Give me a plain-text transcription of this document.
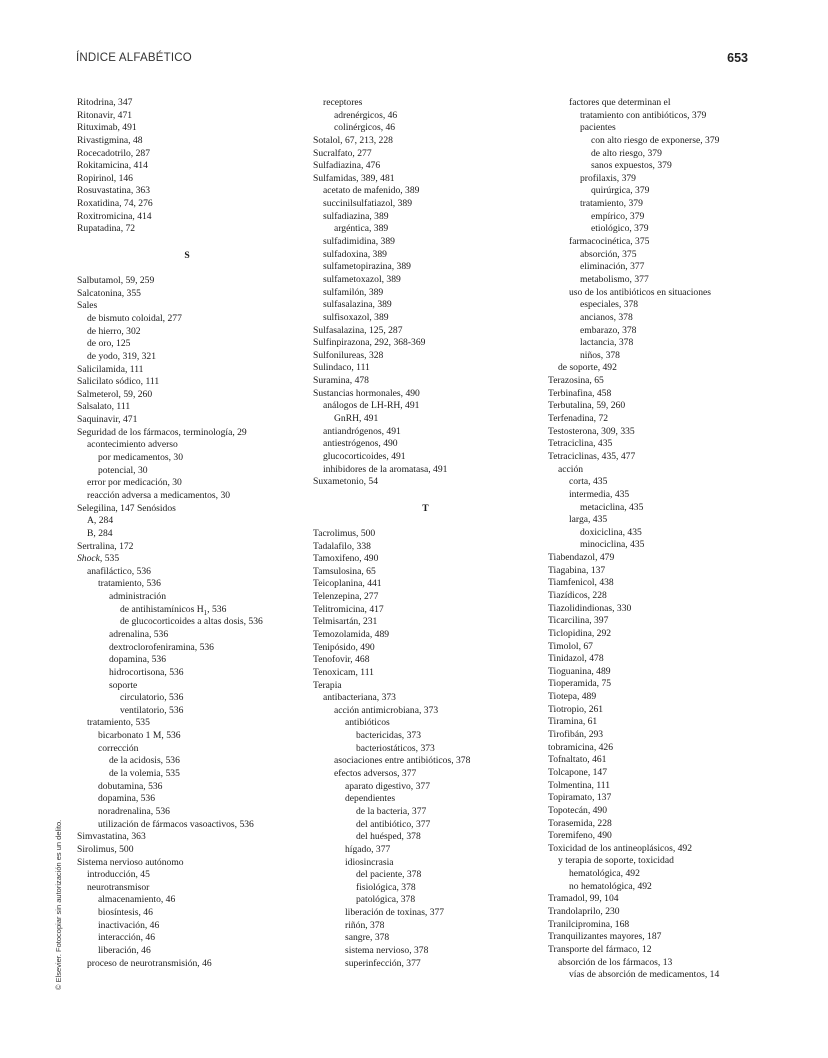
ÍNDICE ALFABÉTICO	653
© Elsevier. Fotocopiar sin autorización es un delito.
Ritodrina, 347
Ritonavir, 471
Rituximab, 491
Rivastigmina, 48
Rocecadotrilo, 287
Rokitamicina, 414
Ropirinol, 146
Rosuvastatina, 363
Roxatidina, 74, 276
Roxitromicina, 414
Rupatadina, 72
S
Salbutamol, 59, 259
Salcatonina, 355
Sales
de bismuto coloidal, 277
de hierro, 302
de oro, 125
de yodo, 319, 321
Salicilamida, 111
Salicilato sódico, 111
Salmeterol, 59, 260
Salsalato, 111
Saquinavir, 471
Seguridad de los fármacos, terminología, 29
acontecimiento adverso
por medicamentos, 30
potencial, 30
error por medicación, 30
reacción adversa a medicamentos, 30
Selegilina, 147 Senósidos
A, 284
B, 284
Sertralina, 172
Shock, 535
anafiláctico, 536
tratamiento, 536
administración
de antihistamínicos $H_1$, 536
de glucocorticoides a altas dosis, 536
adrenalina, 536
dextroclorofeniramina, 536
dopamina, 536
hidrocortisona, 536
soporte
circulatorio, 536
ventilatorio, 536
tratamiento, 535
bicarbonato 1 M, 536
corrección
de la acidosis, 536
de la volemia, 535
dobutamina, 536
dopamina, 536
noradrenalina, 536
utilización de fármacos vasoactivos, 536
Simvastatina, 363
Sirolimus, 500
Sistema nervioso autónomo
introducción, 45
neurotransmisor
almacenamiento, 46
biosíntesis, 46
inactivación, 46
interacción, 46
liberación, 46
proceso de neurotransmisión, 46
receptores
adrenérgicos, 46
colinérgicos, 46
Sotalol, 67, 213, 228
Sucralfato, 277
Sulfadiazina, 476
Sulfamidas, 389, 481
acetato de mafenido, 389
succinilsulfatiazol, 389
sulfadiazina, 389
argéntica, 389
sulfadimidina, 389
sulfadoxina, 389
sulfametopirazina, 389
sulfametoxazol, 389
sulfamilón, 389
sulfasalazina, 389
sulfisoxazol, 389
Sulfasalazina, 125, 287
Sulfinpirazona, 292, 368-369
Sulfonilureas, 328
Sulindaco, 111
Suramina, 478
Sustancias hormonales, 490
análogos de LH-RH, 491
GnRH, 491
antiandrógenos, 491
antiestrógenos, 490
glucocorticoides, 491
inhibidores de la aromatasa, 491
Suxametonio, 54
T
Tacrolimus, 500
Tadalafilo, 338
Tamoxifeno, 490
Tamsulosina, 65
Teicoplanina, 441
Telenzepina, 277
Telitromicina, 417
Telmisartán, 231
Temozolamida, 489
Tenipósido, 490
Tenofovir, 468
Tenoxicam, 111
Terapia
antibacteriana, 373
acción antimicrobiana, 373
antibióticos
bactericidas, 373
bacteriostáticos, 373
asociaciones entre antibióticos, 378
efectos adversos, 377
aparato digestivo, 377
dependientes
de la bacteria, 377
del antibiótico, 377
del huésped, 378
hígado, 377
idiosincrasia
del paciente, 378
fisiológica, 378
patológica, 378
liberación de toxinas, 377
riñón, 378
sangre, 378
sistema nervioso, 378
superinfección, 377
factores que determinan el
tratamiento con antibióticos, 379
pacientes
con alto riesgo de exponerse, 379
de alto riesgo, 379
sanos expuestos, 379
profilaxis, 379
quirúrgica, 379
tratamiento, 379
empírico, 379
etiológico, 379
farmacocinética, 375
absorción, 375
eliminación, 377
metabolismo, 377
uso de los antibióticos en situaciones
especiales, 378
ancianos, 378
embarazo, 378
lactancia, 378
niños, 378
de soporte, 492
Terazosina, 65
Terbinafina, 458
Terbutalina, 59, 260
Terfenadina, 72
Testosterona, 309, 335
Tetraciclina, 435
Tetraciclinas, 435, 477
acción
corta, 435
intermedia, 435
metaciclina, 435
larga, 435
doxiciclina, 435
minociclina, 435
Tiabendazol, 479
Tiagabina, 137
Tiamfenicol, 438
Tiazídicos, 228
Tiazolidindionas, 330
Ticarcilina, 397
Ticlopidina, 292
Timolol, 67
Tinidazol, 478
Tioguanina, 489
Tioperamida, 75
Tiotepa, 489
Tiotropio, 261
Tiramina, 61
Tirofibán, 293
tobramicina, 426
Tofnaltato, 461
Tolcapone, 147
Tolmentina, 111
Topiramato, 137
Topotecán, 490
Torasemida, 228
Toremifeno, 490
Toxicidad de los antineoplásicos, 492
y terapia de soporte, toxicidad
hematológica, 492
no hematológica, 492
Tramadol, 99, 104
Trandolaprilo, 230
Tranilcipromina, 168
Tranquilizantes mayores, 187
Transporte del fármaco, 12
absorción de los fármacos, 13
vías de absorción de medicamentos, 14
